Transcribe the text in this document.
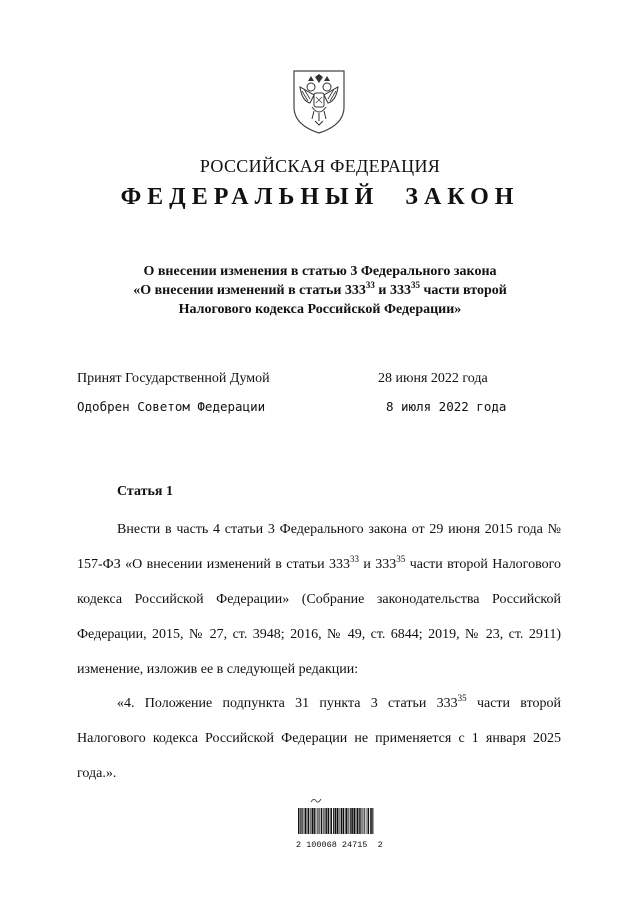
РОССИЙСКАЯ ФЕДЕРАЦИЯ
ФЕДЕРАЛЬНЫЙ ЗАКОН
О внесении изменения в статью 3 Федерального закона
«О внесении изменений в статьи $333^{33}$ и $333^{35}$ части второй
Налогового кодекса Российской Федерации»
Принят Государственной Думой	28 июня 2022 года
Одобрен Советом Федерации	8 июля 2022 года
Статья 1
Внести в часть 4 статьи 3 Федерального закона от 29 июня 2015 года № 157-ФЗ «О внесении изменений в статьи $333^{33}$ и $333^{35}$ части второй Налогового кодекса Российской Федерации» (Собрание законодательства Российской Федерации, 2015, № 27, ст. 3948; 2016, № 49, ст. 6844; 2019, № 23, ст. 2911) изменение, изложив ее в следующей редакции:
«4. Положение подпункта 31 пункта 3 статьи $333^{35}$ части второй Налогового кодекса Российской Федерации не применяется с 1 января 2025 года.».
2 100068 24715  2
